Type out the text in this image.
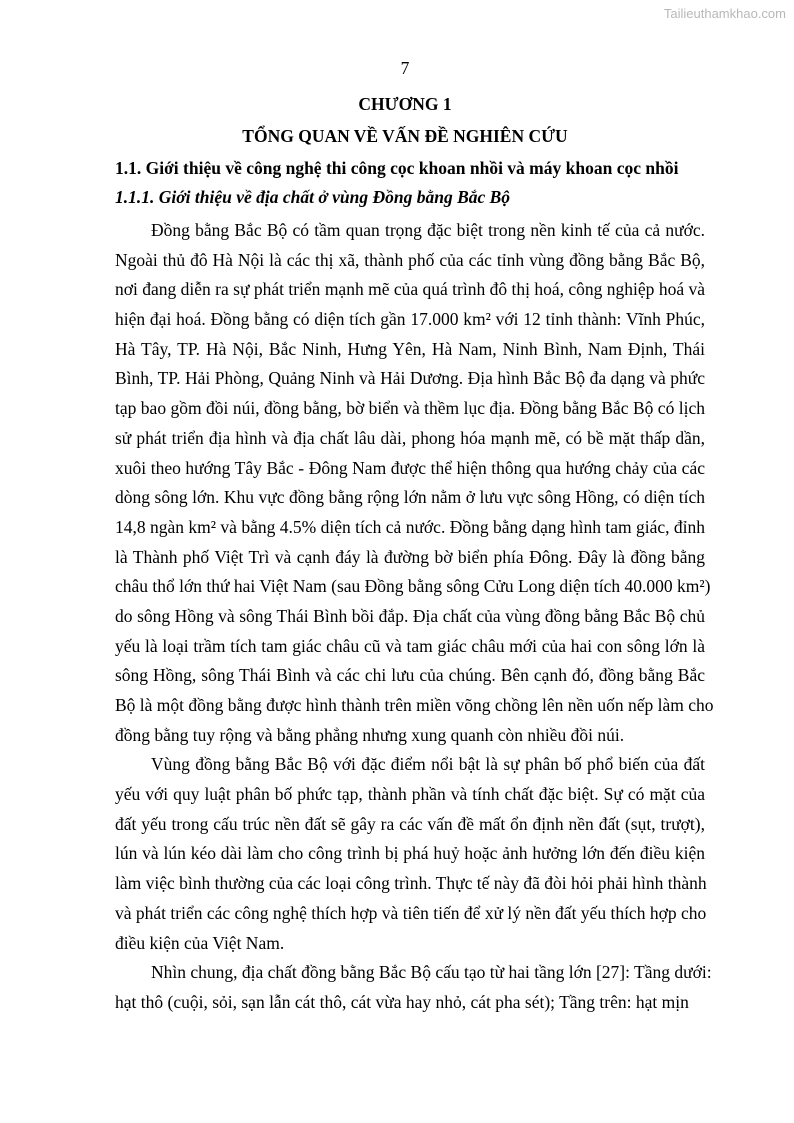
Tailieuthamkhao.com
7
CHƯƠNG 1
TỔNG QUAN VỀ VẤN ĐỀ NGHIÊN CỨU
1.1. Giới thiệu về công nghệ thi công cọc khoan nhồi và máy khoan cọc nhồi
1.1.1. Giới thiệu về địa chất ở vùng Đồng bằng Bắc Bộ
Đồng bằng Bắc Bộ có tầm quan trọng đặc biệt trong nền kinh tế của cả nước.
Ngoài thủ đô Hà Nội là các thị xã, thành phố của các tỉnh vùng đồng bằng Bắc Bộ,
nơi đang diễn ra sự phát triển mạnh mẽ của quá trình đô thị hoá, công nghiệp hoá và
hiện đại hoá. Đồng bằng có diện tích gần 17.000 km² với 12 tỉnh thành: Vĩnh Phúc,
Hà Tây, TP. Hà Nội, Bắc Ninh, Hưng Yên, Hà Nam, Ninh Bình, Nam Định, Thái
Bình, TP. Hải Phòng, Quảng Ninh và Hải Dương. Địa hình Bắc Bộ đa dạng và phức
tạp bao gồm đồi núi, đồng bằng, bờ biển và thềm lục địa. Đồng bằng Bắc Bộ có lịch
sử phát triển địa hình và địa chất lâu dài, phong hóa mạnh mẽ, có bề mặt thấp dần,
xuôi theo hướng Tây Bắc - Đông Nam được thể hiện thông qua hướng chảy của các
dòng sông lớn. Khu vực đồng bằng rộng lớn nằm ở lưu vực sông Hồng, có diện tích
14,8 ngàn km² và bằng 4.5% diện tích cả nước. Đồng bằng dạng hình tam giác, đỉnh
là Thành phố Việt Trì và cạnh đáy là đường bờ biển phía Đông. Đây là đồng bằng
châu thổ lớn thứ hai Việt Nam (sau Đồng bằng sông Cửu Long diện tích 40.000 km²)
do sông Hồng và sông Thái Bình bồi đắp. Địa chất của vùng đồng bằng Bắc Bộ chủ
yếu là loại trầm tích tam giác châu cũ và tam giác châu mới của hai con sông lớn là
sông Hồng, sông Thái Bình và các chi lưu của chúng. Bên cạnh đó, đồng bằng Bắc
Bộ là một đồng bằng được hình thành trên miền võng chồng lên nền uốn nếp làm cho
đồng bằng tuy rộng và bằng phẳng nhưng xung quanh còn nhiều đồi núi.
Vùng đồng bằng Bắc Bộ với đặc điểm nổi bật là sự phân bố phổ biến của đất
yếu với quy luật phân bố phức tạp, thành phần và tính chất đặc biệt. Sự có mặt của
đất yếu trong cấu trúc nền đất sẽ gây ra các vấn đề mất ổn định nền đất (sụt, trượt),
lún và lún kéo dài làm cho công trình bị phá huỷ hoặc ảnh hưởng lớn đến điều kiện
làm việc bình thường của các loại công trình. Thực tế này đã đòi hỏi phải hình thành
và phát triển các công nghệ thích hợp và tiên tiến để xử lý nền đất yếu thích hợp cho
điều kiện của Việt Nam.
Nhìn chung, địa chất đồng bằng Bắc Bộ cấu tạo từ hai tầng lớn [27]: Tầng dưới:
hạt thô (cuội, sỏi, sạn lẫn cát thô, cát vừa hay nhỏ, cát pha sét); Tầng trên: hạt mịn
